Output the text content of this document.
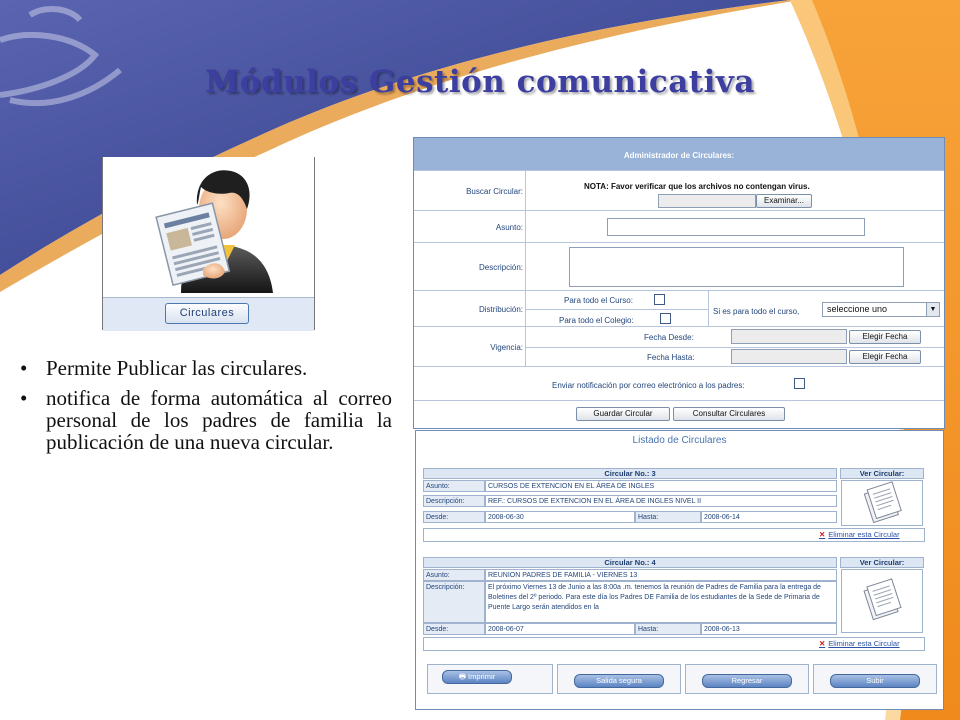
Módulos Gestión comunicativa
Circulares
• Permite Publicar las circulares.
• notifica de forma automática al correo personal de los padres de familia la publicación de una nueva circular.
Administrador de Circulares:
Buscar Circular:	NOTA: Favor verificar que los archivos no contengan virus.
Examinar...
Asunto:
Descripción:
Distribución:
Para todo el Curso:
Para todo el Colegio:
Si es para todo el curso,	seleccione uno	▼
Vigencia:
Fecha Desde:	Elegir Fecha
Fecha Hasta:	Elegir Fecha
Enviar notificación por correo electrónico a los padres:
Guardar Circular	Consultar Circulares
Listado de Circulares
Circular No.: 3	Ver Circular:
Asunto:	CURSOS DE EXTENCION EN EL ÁREA DE INGLES
Descripción:	REF.: CURSOS DE EXTENCION EN EL ÁREA DE INGLES NIVEL II
Desde:	2008-06-30	Hasta:	2008-06-14
✕ Eliminar esta Circular
Circular No.: 4	Ver Circular:
Asunto:	REUNION PADRES DE FAMILIA - VIERNES 13
Descripción:	El próximo Viernes 13 de Junio a las 8:00a .m. tenemos la reunión de Padres de Familia para la entrega de Boletines del 2º periodo. Para este día los Padres DE Familia de los estudiantes de la Sede de Primaria de Puente Largo serán atendidos en la
Desde:	2008-06-07	Hasta:	2008-06-13
✕ Eliminar esta Circular
🖶 Imprimir	Salida segura	Regresar	Subir
